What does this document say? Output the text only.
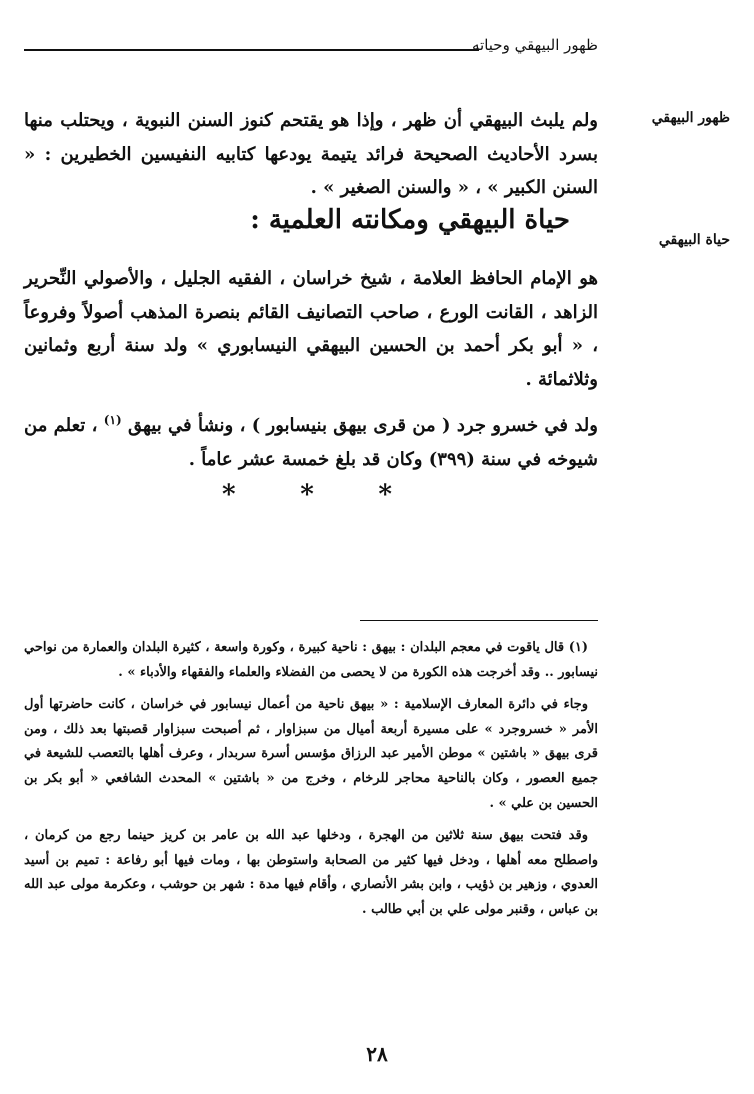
ظهور البيهقي وحياته
ظهور البيهقي
حياة البيهقي

ولم يلبث البيهقي أن ظهر ، وإذا هو يقتحم كنوز السنن النبوية ، ويحتلب منها بسرد الأحاديث الصحيحة فرائد يتيمة يودعها كتابيه النفيسين الخطيرين : « السنن الكبير » ، « والسنن الصغير » .

حياة البيهقي ومكانته العلمية :

هو الإمام الحافظ العلامة ، شيخ خراسان ، الفقيه الجليل ، والأصولي النِّحرير الزاهد ، القانت الورع ، صاحب التصانيف القائم بنصرة المذهب أصولاً وفروعاً ، « أبو بكر أحمد بن الحسين البيهقي النيسابوري » ولد سنة أربع وثمانين وثلاثمائة .

ولد في خسرو جرد ( من قرى بيهق بنيسابور ) ، ونشأ في بيهق $^{(١)}$ ، تعلم من شيوخه في سنة (٣٩٩) وكان قد بلغ خمسة عشر عاماً .

* * *

(١) قال ياقوت في معجم البلدان : بيهق : ناحية كبيرة ، وكورة واسعة ، كثيرة البلدان والعمارة من نواحي نيسابور .. وقد أخرجت هذه الكورة من لا يحصى من الفضلاء والعلماء والفقهاء والأدباء » .

وجاء في دائرة المعارف الإسلامية : « بيهق ناحية من أعمال نيسابور في خراسان ، كانت حاضرتها أول الأمر « خسروجرد » على مسيرة أربعة أميال من سبزاوار ، ثم أصبحت سبزاوار قصبتها بعد ذلك ، ومن قرى بيهق « باشتين » موطن الأمير عبد الرزاق مؤسس أسرة سربدار ، وعرف أهلها بالتعصب للشيعة في جميع العصور ، وكان بالناحية محاجر للرخام ، وخرج من « باشتين » المحدث الشافعي « أبو بكر بن الحسين بن علي » .

وقد فتحت بيهق سنة ثلاثين من الهجرة ، ودخلها عبد الله بن عامر بن كريز حينما رجع من كرمان ، واصطلح معه أهلها ، ودخل فيها كثير من الصحابة واستوطن بها ، ومات فيها أبو رفاعة : تميم بن أسيد العدوي ، وزهير بن ذؤيب ، وابن بشر الأنصاري ، وأقام فيها مدة : شهر بن حوشب ، وعكرمة مولى عبد الله بن عباس ، وقنبر مولى علي بن أبي طالب .

٢٨
